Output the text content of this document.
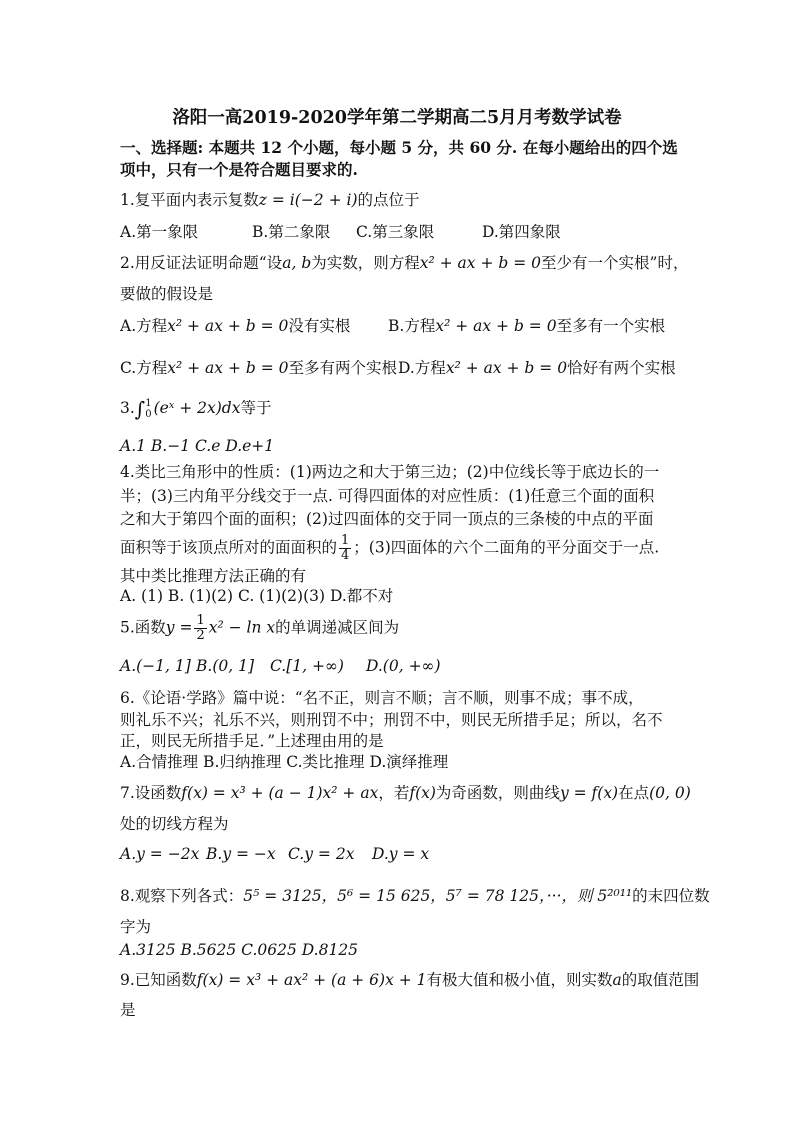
洛阳一高2019-2020学年第二学期高二5月月考数学试卷
一、选择题: 本题共 12 个小题，每小题 5 分，共 60 分. 在每小题给出的四个选
项中，只有一个是符合题目要求的.
1.复平面内表示复数z = i(−2 + i)的点位于
A.第一象限	B.第二象限 C.第三象限	D.第四象限
2.用反证法证明命题“设a, b为实数，则方程x² + ax + b = 0至少有一个实根”时，
要做的假设是
A.方程x² + ax + b = 0没有实根 B.方程x² + ax + b = 0至多有一个实根
C.方程x² + ax + b = 0至多有两个实根 D.方程x² + ax + b = 0恰好有两个实根
3.∫ 1
0 (eˣ + 2x)dx等于
A.1 B.−1 C.e D.e+1
4.类比三角形中的性质：(1)两边之和大于第三边；(2)中位线长等于底边长的一
半；(3)三内角平分线交于一点. 可得四面体的对应性质：(1)任意三个面的面积
之和大于第四个面的面积；(2)过四面体的交于同一顶点的三条棱的中点的平面
面积等于该顶点所对的面面积的 $\frac{1}{4}$ ；(3)四面体的六个二面角的平分面交于一点.
其中类比推理方法正确的有
A. (1) B. (1)(2) C. (1)(2)(3) D.都不对
5.函数$y = \frac{1}{2} x^2 - \ln x$的单调递减区间为
A.(−1, 1] B.(0, 1] C.[1, +∞) D.(0, +∞)
6.《论语·学路》篇中说：“名不正，则言不顺；言不顺，则事不成；事不成，
则礼乐不兴；礼乐不兴，则刑罚不中；刑罚不中，则民无所措手足；所以，名不
正，则民无所措手足．”上述理由用的是
A.合情推理 B.归纳推理 C.类比推理 D.演绎推理
7.设函数f(x) = x³ + (a − 1)x² + ax，若f(x)为奇函数，则曲线y = f(x)在点(0, 0)
处的切线方程为
A.y = −2x B.y = −x C.y = 2x D.y = x
8.观察下列各式：5⁵ = 3125，5⁶ = 15 625，5⁷ = 78 125，···，则 5²⁰¹¹的末四位数
字为
A.3125 B.5625 C.0625 D.8125
9.已知函数f(x) = x³ + ax² + (a + 6)x + 1有极大值和极小值，则实数a的取值范围
是
